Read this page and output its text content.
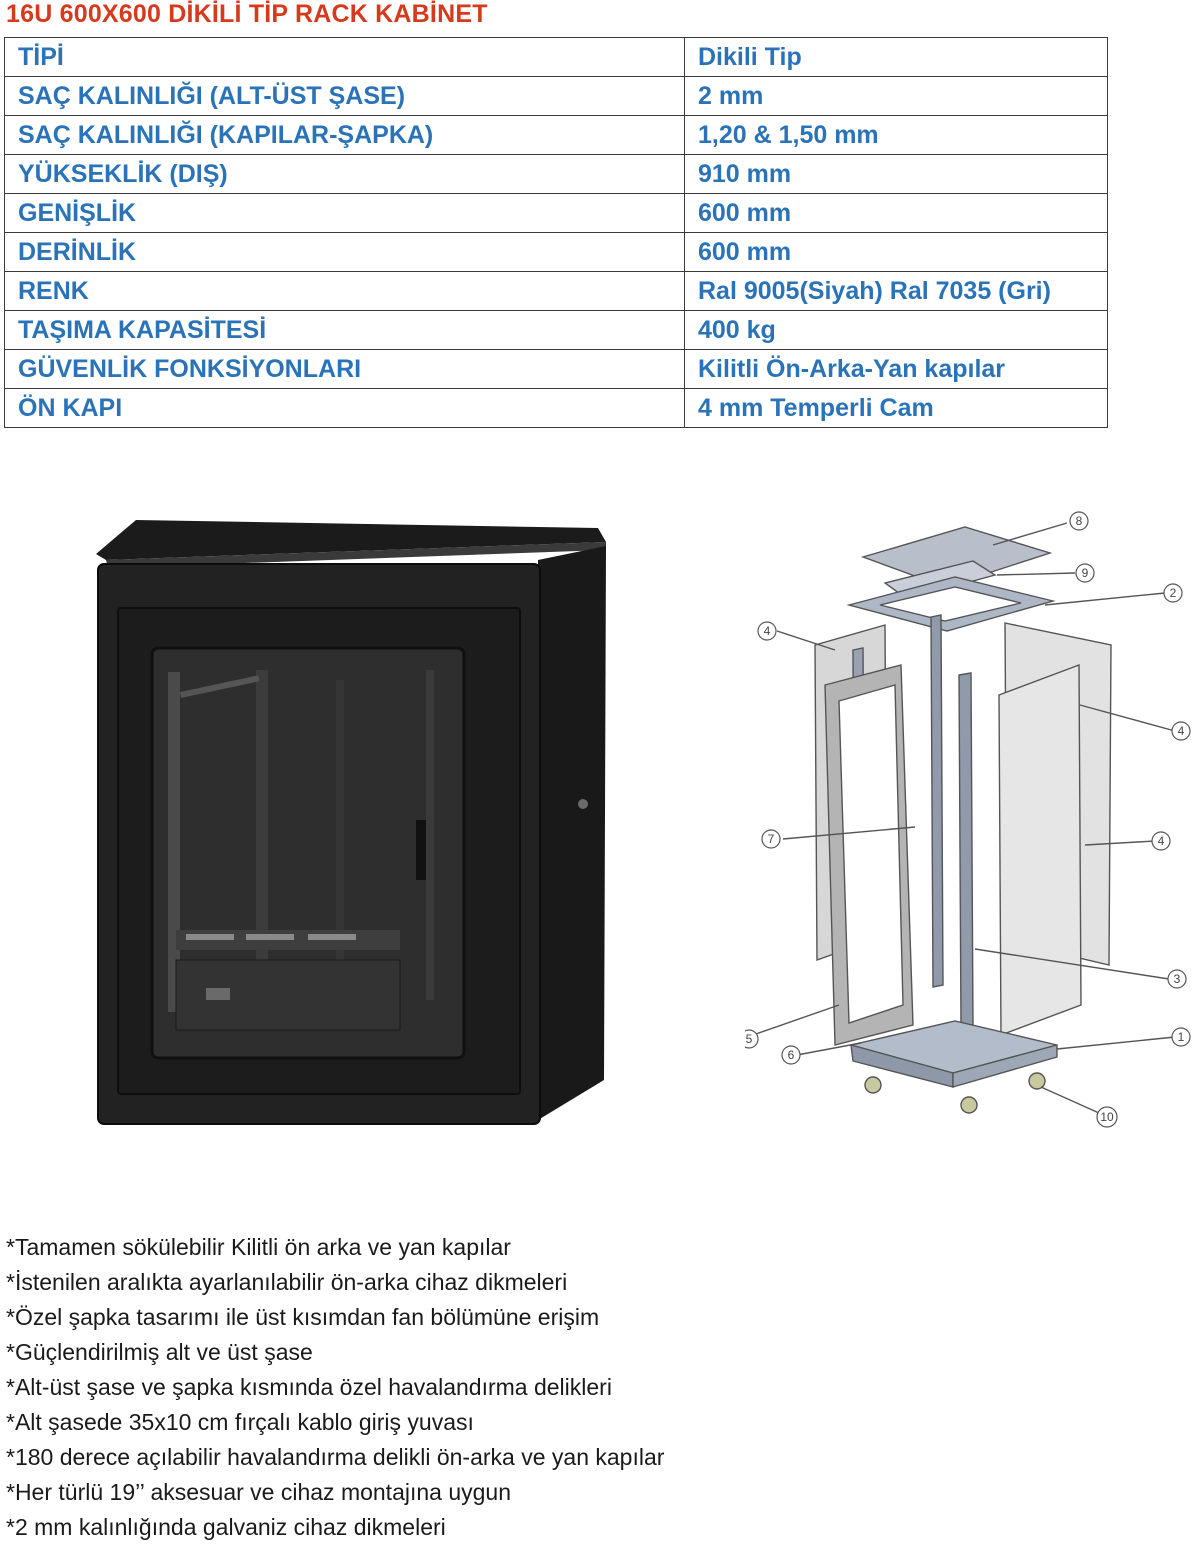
16U 600X600 DİKİLİ TİP RACK KABİNET
TİPİ	Dikili Tip
SAÇ KALINLIĞI (ALT-ÜST ŞASE)	2 mm
SAÇ KALINLIĞI (KAPILAR-ŞAPKA)	1,20 & 1,50 mm
YÜKSEKLİK (DIŞ)	910 mm
GENİŞLİK	600 mm
DERİNLİK	600 mm
RENK	Ral 9005(Siyah) Ral 7035 (Gri)
TAŞIMA KAPASİTESİ	400 kg
GÜVENLİK FONKSİYONLARI	Kilitli Ön-Arka-Yan kapılar
ÖN KAPI	4 mm Temperli Cam
1
2
3
4
4
4
5
6
7
8
9
10
*Tamamen sökülebilir Kilitli ön arka ve yan kapılar
*İstenilen aralıkta ayarlanılabilir ön-arka cihaz dikmeleri
*Özel şapka tasarımı ile üst kısımdan fan bölümüne erişim
*Güçlendirilmiş alt ve üst şase
*Alt-üst şase ve şapka kısmında özel havalandırma delikleri
*Alt şasede 35x10 cm fırçalı kablo giriş yuvası
*180 derece açılabilir havalandırma delikli ön-arka ve yan kapılar
*Her türlü 19’’ aksesuar ve cihaz montajına uygun
*2 mm kalınlığında galvaniz cihaz dikmeleri
